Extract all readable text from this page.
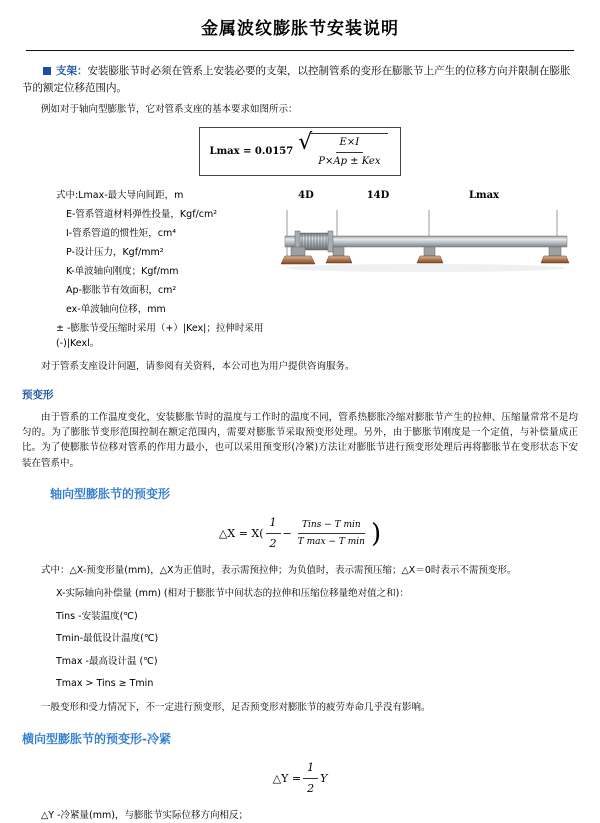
金属波纹膨胀节安装说明
支架：安装膨胀节时必须在管系上安装必要的支架，以控制管系的变形在膨胀节上产生的位移方向并限制在膨胀节的额定位移范围内。

例如对于轴向型膨胀节，它对管系支座的基本要求如图所示：

Lmax = 0.0157 √ $\frac{E\times I}{\text{P×Ap ± Kex}}$
式中:Lmax-最大导向间距，m
E-管系管道材料弹性投量，Kgf/cm²
I-管系管道的惯性矩，cm⁴
P-设计压力，Kgf/mm²
K-单波轴向刚度；Kgf/mm
Ap-膨胀节有效面积，cm²
ex-单波轴向位移，mm
± -膨胀节受压缩时采用（+）|Kex|；拉伸时采用(-)|Kexl。
4D	14D	Lmax

对于管系支座设计问题，请参阅有关资料，本公司也为用户提供咨询服务。

预变形

由于管系的工作温度变化，安装膨胀节时的温度与工作时的温度不同，管系热膨胀冷缩对膨胀节产生的拉伸、压缩量常常不是均匀的。为了膨胀节变形范围控制在额定范围内，需要对膨胀节采取预变形处理。另外，由于膨胀节刚度是一个定值，与补偿量成正比。为了使膨胀节位移对管系的作用力最小，也可以采用预变形(冷紧)方法让对膨胀节进行预变形处理后再将膨胀节在变形状态下安装在管系中。

轴向型膨胀节的预变形
△X = $X( \frac{1}{2} - \frac{\text{Tins − T min}}{\text{T max − T min}}$ )

式中：△X-预变形量(mm)，△X为正值时，表示需预拉伸；为负值时，表示需预压缩；△X＝0时表示不需预变形。

X-实际轴向补偿量 (mm) (相对于膨胀节中间状态的拉伸和压缩位移量绝对值之和)：
Tins -安装温度(℃)
Tmin-最低设计温度(℃)
Tmax -最高设计温 (℃)
Tmax > Tins ≥ Tmin

一般变形和受力情况下，不一定进行预变形，足否预变形对膨胀节的疲劳寿命几乎没有影响。

横向型膨胀节的预变形-冷紧
△Y = $\frac{1}{2}$ Y

△Y -冷紧量(mm)，与膨胀节实际位移方向相反；
